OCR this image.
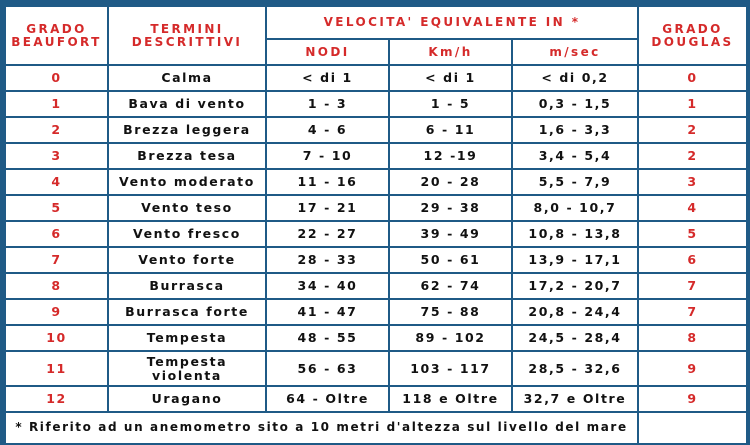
GRADO BEAUFORT	TERMINI DESCRITTIVI	VELOCITA' EQUIVALENTE IN *			GRADO DOUGLAS
		NODI	Km/h	m/sec	
0	Calma	< di 1	< di 1	< di 0,2	0
1	Bava di vento	1 - 3	1 - 5	0,3 - 1,5	1
2	Brezza leggera	4 - 6	6 - 11	1,6 - 3,3	2
3	Brezza tesa	7 - 10	12 -19	3,4 - 5,4	2
4	Vento moderato	11 - 16	20 - 28	5,5 - 7,9	3
5	Vento teso	17 - 21	29 - 38	8,0 - 10,7	4
6	Vento fresco	22 - 27	39 - 49	10,8 - 13,8	5
7	Vento forte	28 - 33	50 - 61	13,9 - 17,1	6
8	Burrasca	34 - 40	62 - 74	17,2 - 20,7	7
9	Burrasca forte	41 - 47	75 - 88	20,8 - 24,4	7
10	Tempesta	48 - 55	89 - 102	24,5 - 28,4	8
11	Tempesta violenta	56 - 63	103 - 117	28,5 - 32,6	9
12	Uragano	64 - Oltre	118 e Oltre	32,7 e Oltre	9
* Riferito ad un anemometro sito a 10 metri d'altezza sul livello del mare					
